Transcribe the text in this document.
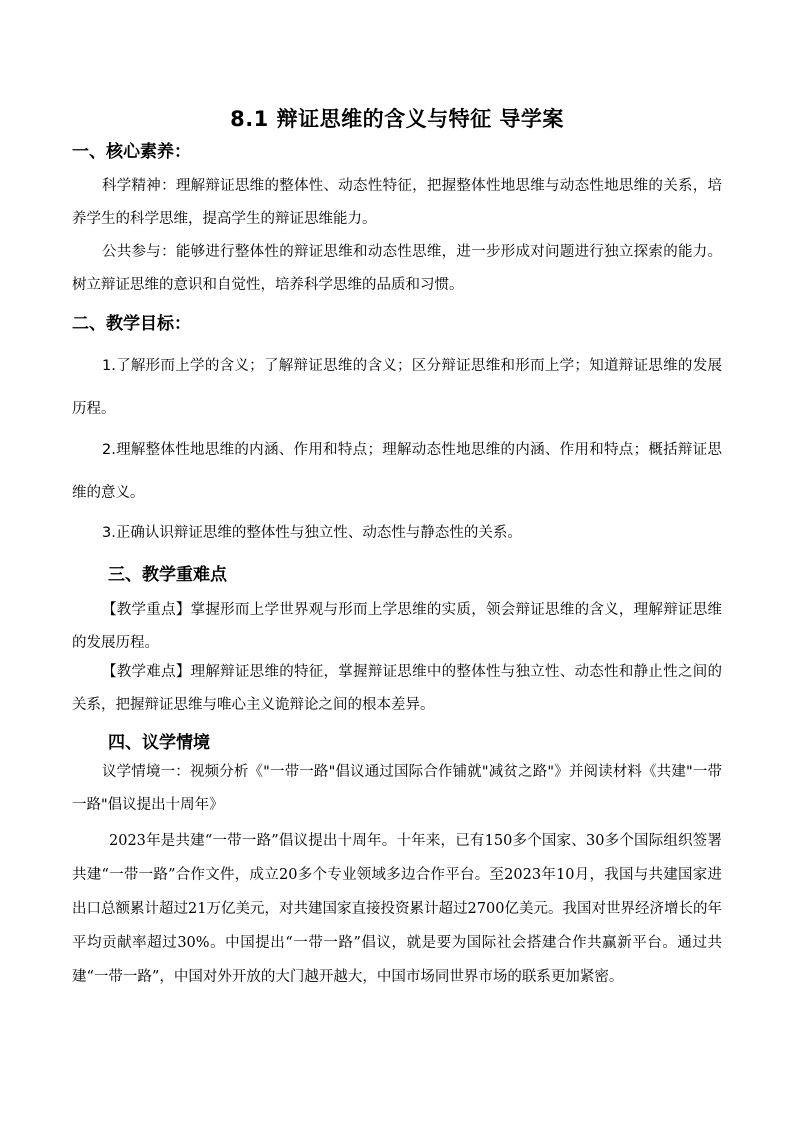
8.1 辩证思维的含义与特征 导学案
一、核心素养：
科学精神：理解辩证思维的整体性、动态性特征，把握整体性地思维与动态性地思维的关系，培养学生的科学思维，提高学生的辩证思维能力。
公共参与：能够进行整体性的辩证思维和动态性思维，进一步形成对问题进行独立探索的能力。树立辩证思维的意识和自觉性，培养科学思维的品质和习惯。
二、教学目标：
1.了解形而上学的含义；了解辩证思维的含义；区分辩证思维和形而上学；知道辩证思维的发展历程。
2.理解整体性地思维的内涵、作用和特点；理解动态性地思维的内涵、作用和特点；概括辩证思维的意义。
3.正确认识辩证思维的整体性与独立性、动态性与静态性的关系。
三、教学重难点
【教学重点】掌握形而上学世界观与形而上学思维的实质，领会辩证思维的含义，理解辩证思维的发展历程。
【教学难点】理解辩证思维的特征，掌握辩证思维中的整体性与独立性、动态性和静止性之间的关系，把握辩证思维与唯心主义诡辩论之间的根本差异。
四、议学情境
议学情境一：视频分析《"一带一路"倡议通过国际合作铺就"减贫之路"》并阅读材料《共建"一带一路"倡议提出十周年》
2023年是共建“一带一路”倡议提出十周年。十年来，已有150多个国家、30多个国际组织签署共建“一带一路”合作文件，成立20多个专业领域多边合作平台。至2023年10月，我国与共建国家进出口总额累计超过21万亿美元，对共建国家直接投资累计超过2700亿美元。我国对世界经济增长的年平均贡献率超过30%。中国提出“一带一路”倡议，就是要为国际社会搭建合作共赢新平台。通过共建“一带一路”，中国对外开放的大门越开越大，中国市场同世界市场的联系更加紧密。
